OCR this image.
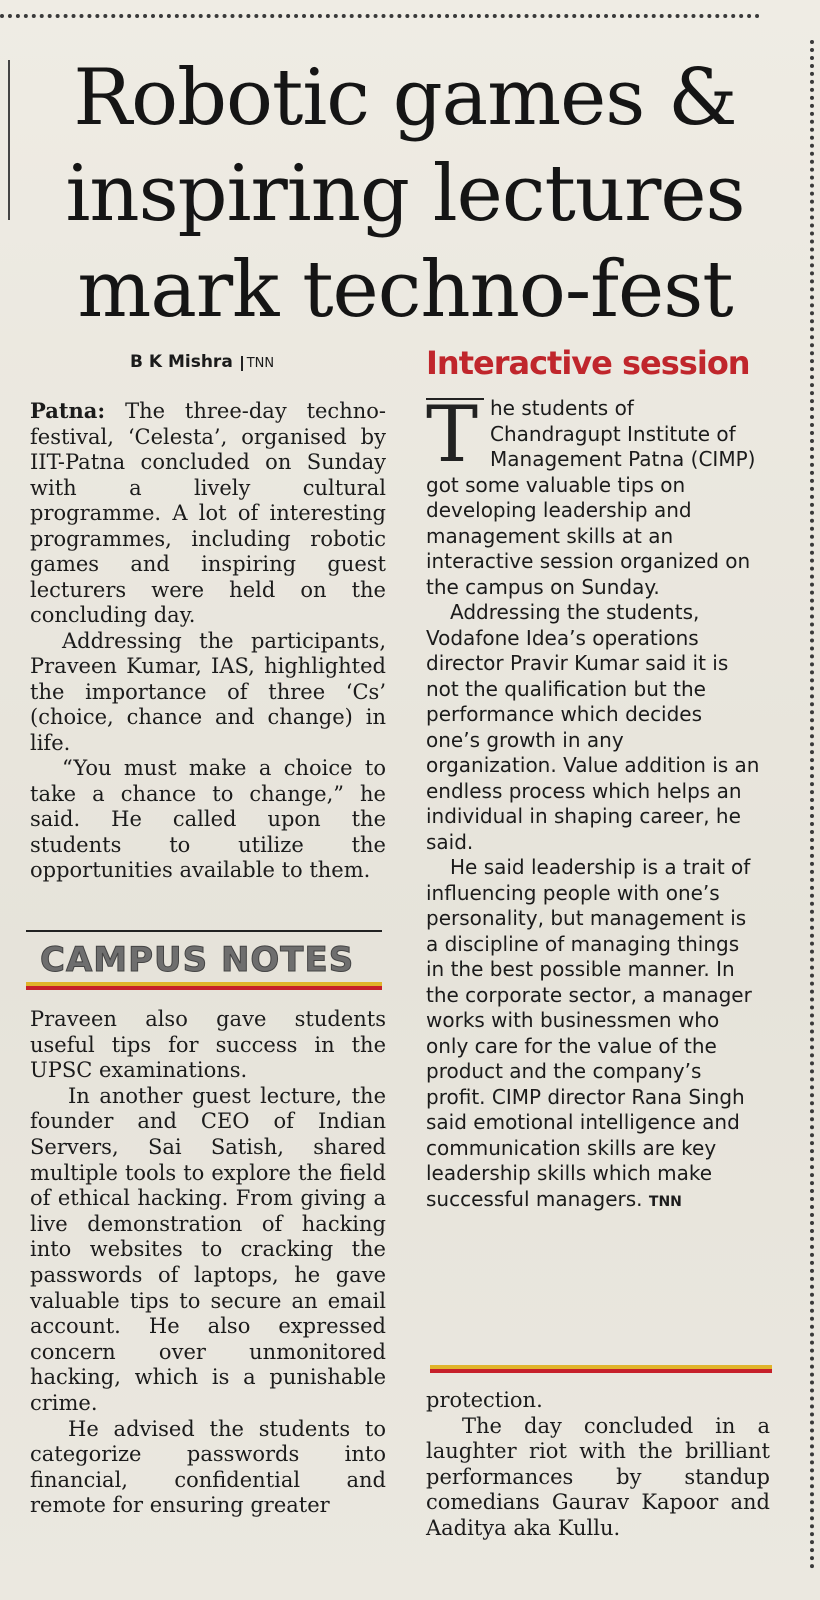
Robotic games &
inspiring lectures
mark techno-fest
B K Mishra TNN

Patna: The three-day techno-festival, ‘Celesta’, organised by IIT-Patna concluded on Sunday with a lively cultural programme. A lot of interesting programmes, including robotic games and inspiring guest lecturers were held on the concluding day.

Addressing the participants, Praveen Kumar, IAS, highlighted the importance of three ‘Cs’ (choice, chance and change) in life.

“You must make a choice to take a chance to change,” he said. He called upon the students to utilize the opportunities available to them.

CAMPUS NOTES

Praveen also gave students useful tips for success in the UPSC examinations.

In another guest lecture, the founder and CEO of Indian Servers, Sai Satish, shared multiple tools to explore the field of ethical hacking. From giving a live demonstration of hacking into websites to cracking the passwords of laptops, he gave valuable tips to secure an email account. He also expressed concern over unmonitored hacking, which is a punishable crime.

He advised the students to categorize passwords into financial, confidential and remote for ensuring greater

Interactive session

T he students of Chandragupt Institute of Management Patna (CIMP) got some valuable tips on developing leadership and management skills at an interactive session organized on the campus on Sunday.

Addressing the students, Vodafone Idea’s operations director Pravir Kumar said it is not the qualification but the performance which decides one’s growth in any organization. Value addition is an endless process which helps an individual in shaping career, he said.

He said leadership is a trait of influencing people with one’s personality, but management is a discipline of managing things in the best possible manner. In the corporate sector, a manager works with businessmen who only care for the value of the product and the company’s profit. CIMP director Rana Singh said emotional intelligence and communication skills are key leadership skills which make successful managers. TNN

protection.

The day concluded in a laughter riot with the brilliant performances by standup comedians Gaurav Kapoor and Aaditya aka Kullu.
